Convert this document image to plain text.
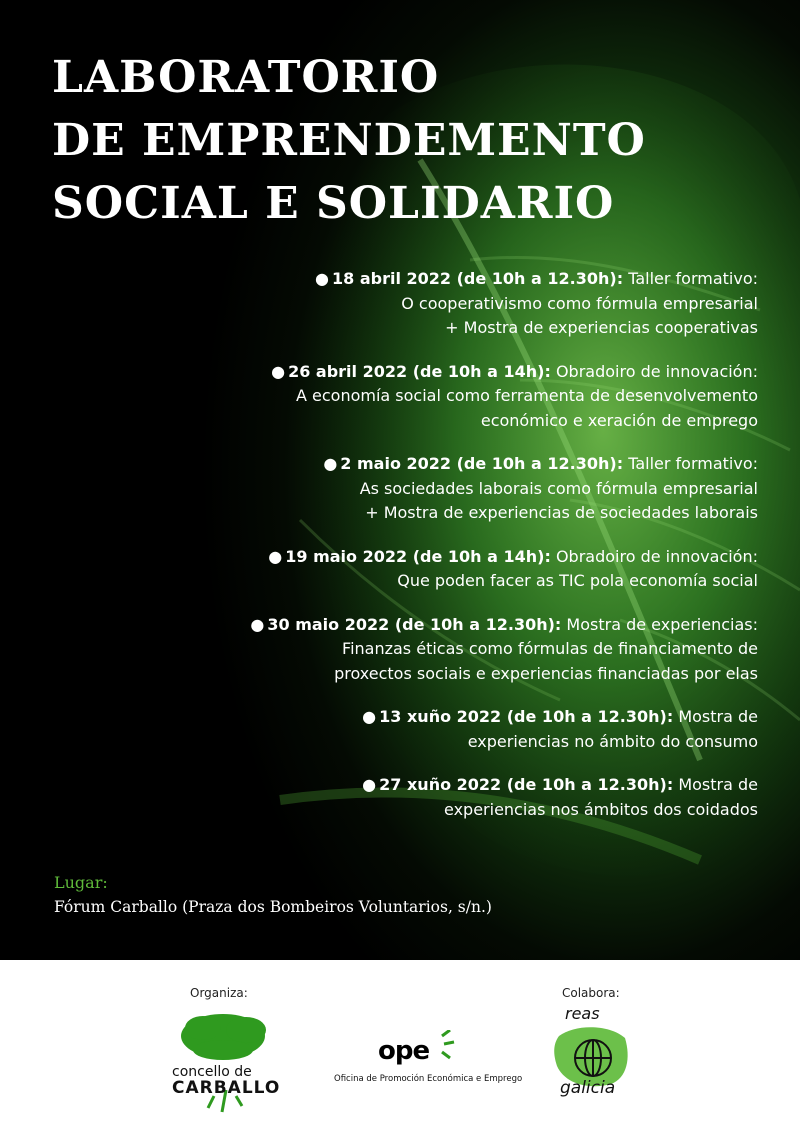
LABORATORIO
DE EMPRENDEMENTO
SOCIAL E SOLIDARIO

● 18 abril 2022 (de 10h a 12.30h): Taller formativo:
O cooperativismo como fórmula empresarial
+ Mostra de experiencias cooperativas

● 26 abril 2022 (de 10h a 14h): Obradoiro de innovación:
A economía social como ferramenta de desenvolvemento
económico e xeración de emprego

● 2 maio 2022 (de 10h a 12.30h): Taller formativo:
As sociedades laborais como fórmula empresarial
+ Mostra de experiencias de sociedades laborais

● 19 maio 2022 (de 10h a 14h): Obradoiro de innovación:
Que poden facer as TIC pola economía social

● 30 maio 2022 (de 10h a 12.30h): Mostra de experiencias:
Finanzas éticas como fórmulas de financiamento de
proxectos sociais e experiencias financiadas por elas

● 13 xuño 2022 (de 10h a 12.30h): Mostra de
experiencias no ámbito do consumo

● 27 xuño 2022 (de 10h a 12.30h): Mostra de
experiencias nos ámbitos dos coidados

Lugar:
Fórum Carballo (Praza dos Bombeiros Voluntarios, s/n.)
Organiza:	Colabora:
concello de
CARBALLO
ope
Oficina de Promoción Económica e Emprego
reas
galicia
